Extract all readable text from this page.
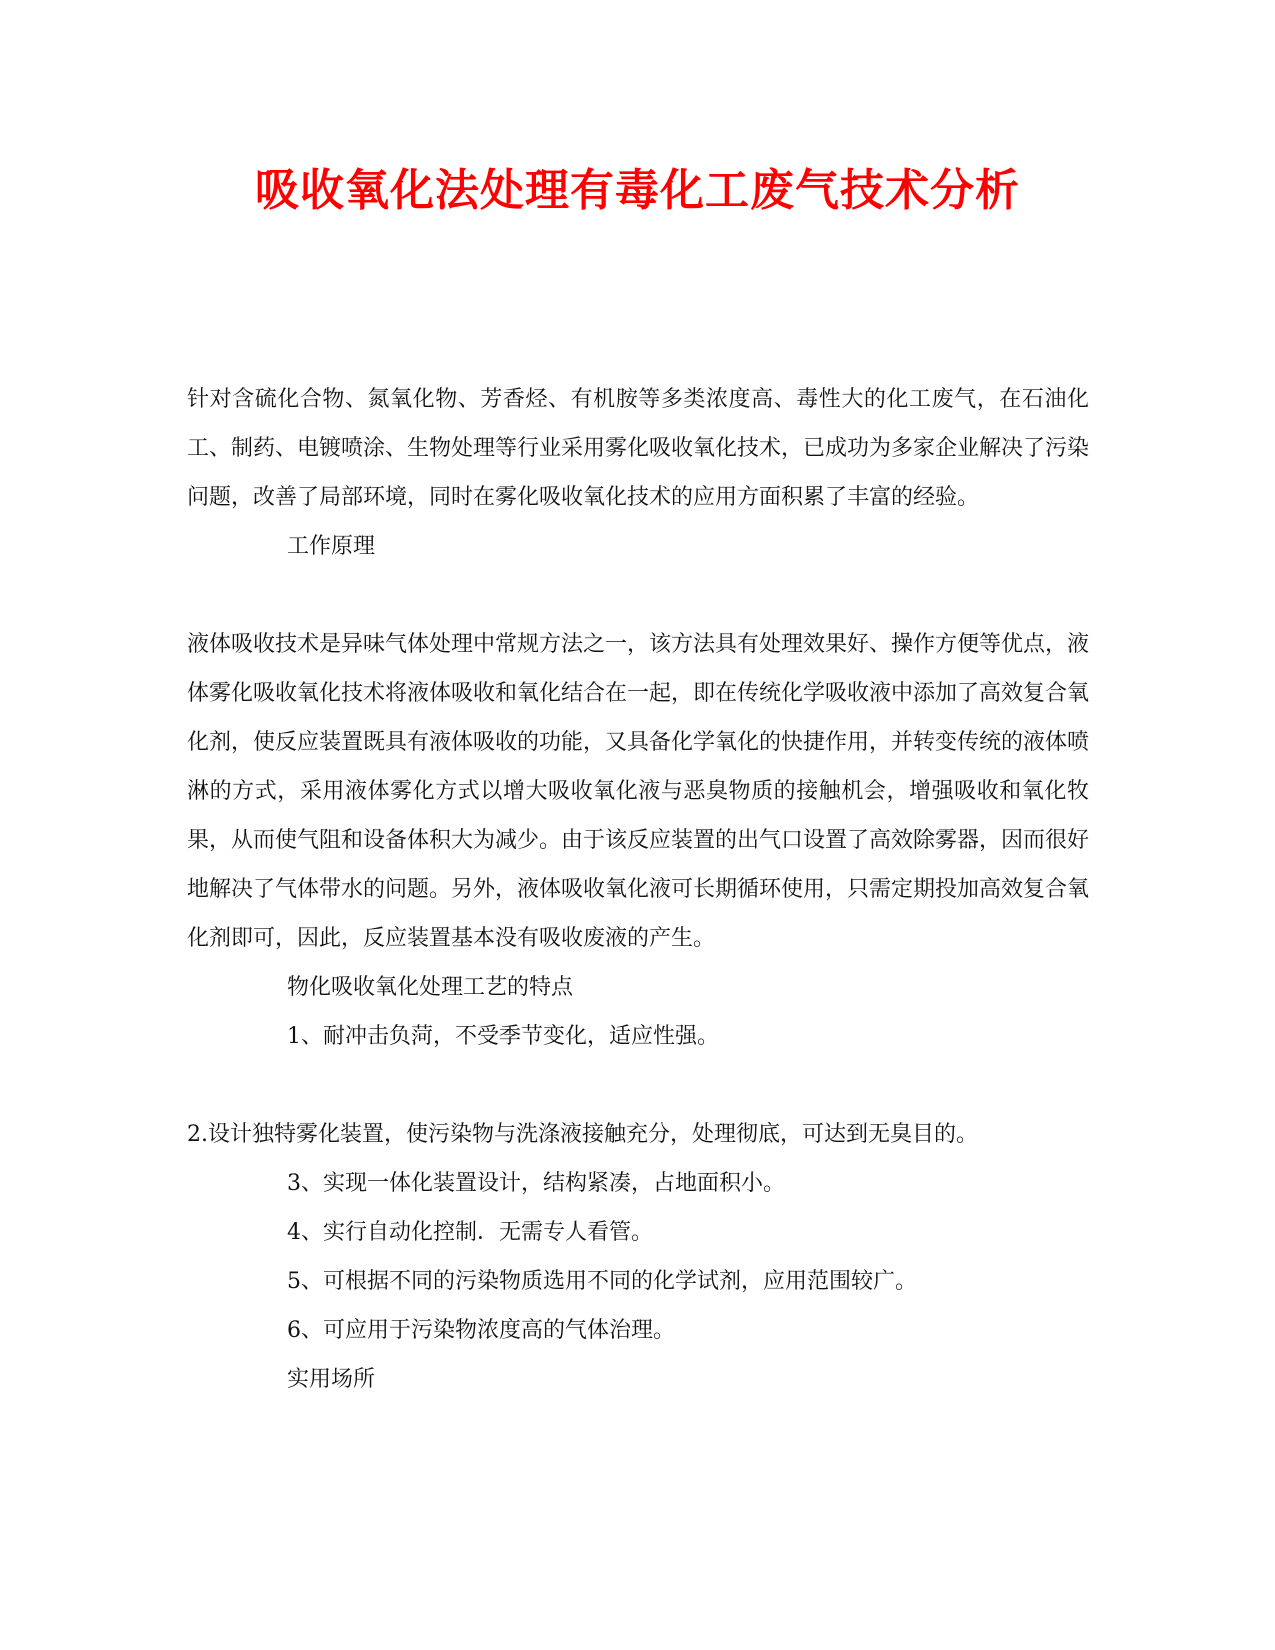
吸收氧化法处理有毒化工废气技术分析

针对含硫化合物、氮氧化物、芳香烃、有机胺等多类浓度高、毒性大的化工废气，在石油化工、制药、电镀喷涂、生物处理等行业采用雾化吸收氧化技术，已成功为多家企业解决了污染问题，改善了局部环境，同时在雾化吸收氧化技术的应用方面积累了丰富的经验。

工作原理

液体吸收技术是异味气体处理中常规方法之一，该方法具有处理效果好、操作方便等优点，液体雾化吸收氧化技术将液体吸收和氧化结合在一起，即在传统化学吸收液中添加了高效复合氧化剂，使反应装置既具有液体吸收的功能，又具备化学氧化的快捷作用，并转变传统的液体喷淋的方式，采用液体雾化方式以增大吸收氧化液与恶臭物质的接触机会，增强吸收和氧化牧果，从而使气阻和设备体积大为减少。由于该反应装置的出气口设置了高效除雾器，因而很好地解决了气体带水的问题。另外，液体吸收氧化液可长期循环使用，只需定期投加高效复合氧化剂即可，因此，反应装置基本没有吸收废液的产生。

物化吸收氧化处理工艺的特点

1、耐冲击负菏，不受季节变化，适应性强。

2.设计独特雾化装置，使污染物与洗涤液接触充分，处理彻底，可达到无臭目的。

3、实现一体化装置设计，结构紧凑，占地面积小。

4、实行自动化控制．无需专人看管。

5、可根据不同的污染物质选用不同的化学试剂，应用范围较广。

6、可应用于污染物浓度高的气体治理。

实用场所
